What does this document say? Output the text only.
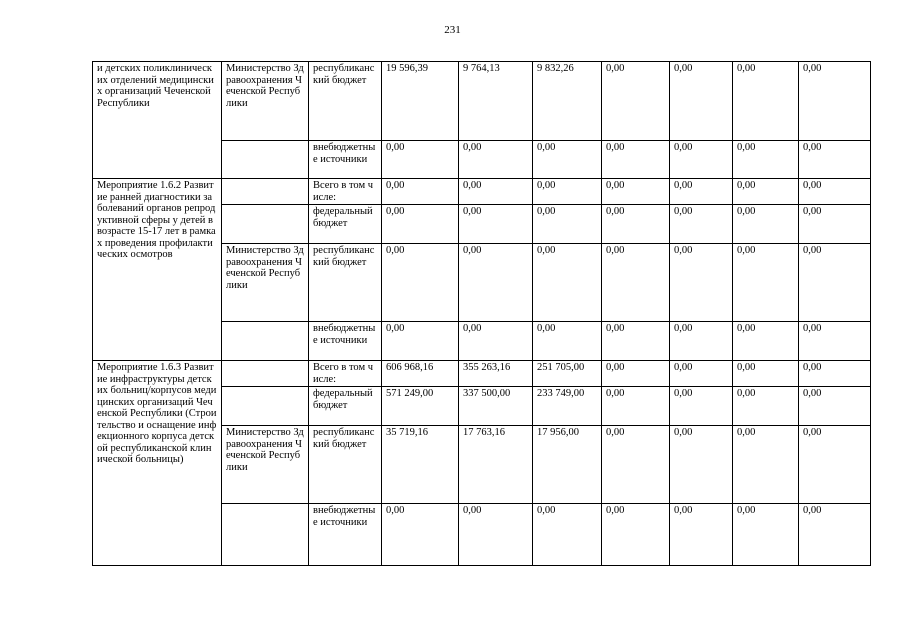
231
и детских поликлинических отделений медицинских организаций Чеченской Республики	Министерство Здравоохранения Чеченской Республики	республиканский бюджет	19 596,39	9 764,13	9 832,26	0,00	0,00	0,00	0,00
		внебюджетные источники	0,00	0,00	0,00	0,00	0,00	0,00	0,00
Мероприятие 1.6.2 Развитие ранней диагностики заболеваний органов репродуктивной сферы у детей в возрасте 15-17 лет в рамках проведения профилактических осмотров		Всего в том числе:	0,00	0,00	0,00	0,00	0,00	0,00	0,00
		федеральный бюджет	0,00	0,00	0,00	0,00	0,00	0,00	0,00
	Министерство Здравоохранения Чеченской Республики	республиканский бюджет	0,00	0,00	0,00	0,00	0,00	0,00	0,00
		внебюджетные источники	0,00	0,00	0,00	0,00	0,00	0,00	0,00
Мероприятие 1.6.3 Развитие инфраструктуры детских больниц/корпусов медицинских организаций Чеченской Республики (Строительство и оснащение инфекционного корпуса детской республиканской клинической больницы)		Всего в том числе:	606 968,16	355 263,16	251 705,00	0,00	0,00	0,00	0,00
		федеральный бюджет	571 249,00	337 500,00	233 749,00	0,00	0,00	0,00	0,00
	Министерство Здравоохранения Чеченской Республики	республиканский бюджет	35 719,16	17 763,16	17 956,00	0,00	0,00	0,00	0,00
		внебюджетные источники	0,00	0,00	0,00	0,00	0,00	0,00	0,00
